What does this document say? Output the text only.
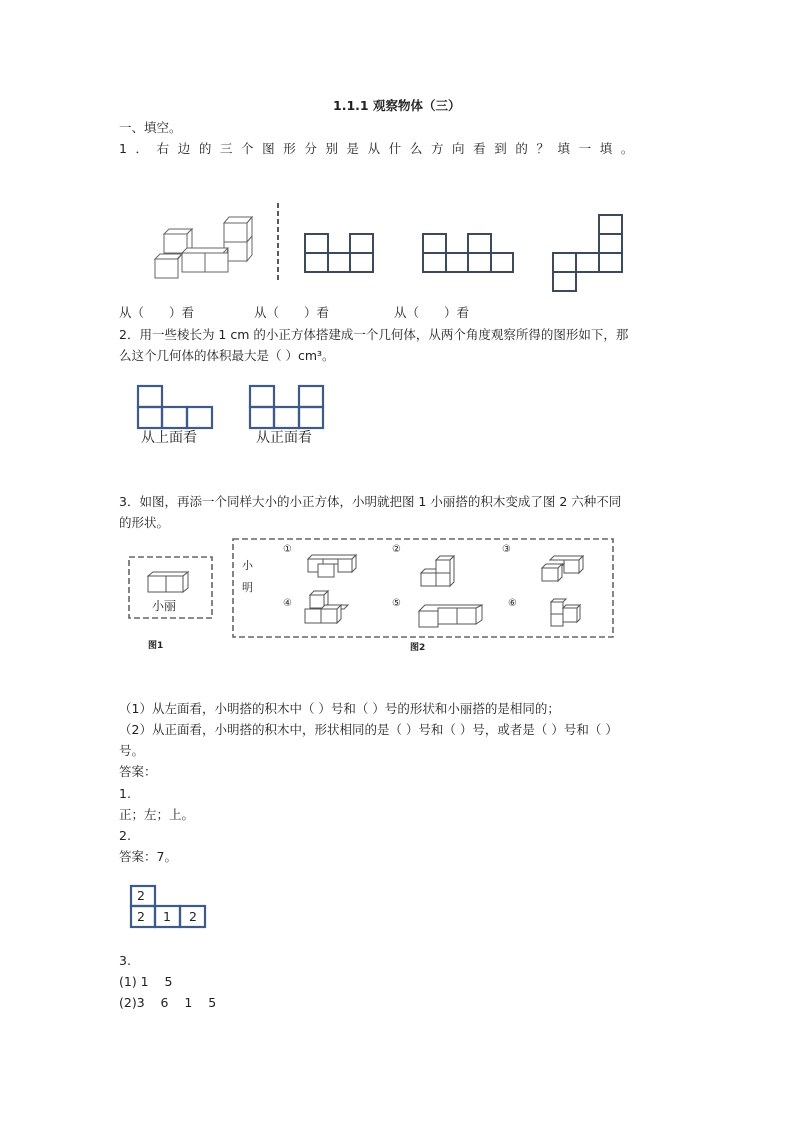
1.1.1 观察物体（三）
一、填空。
1．右边的三个图形分别是从什么方向看到的？填一填。
从（　　）看	从（　　）看	从（　　）看
2．用一些棱长为 1 cm 的小正方体搭建成一个几何体，从两个角度观察所得的图形如下，那
么这个几何体的体积最大是（ ）cm³。
从上面看	从正面看
3．如图，再添一个同样大小的小正方体，小明就把图 1 小丽搭的积木变成了图 2 六种不同
的形状。
小丽
图1
①	②	③
④	⑤	⑥
小
明
图2
（1）从左面看，小明搭的积木中（ ）号和（ ）号的形状和小丽搭的是相同的；
（2）从正面看，小明搭的积木中，形状相同的是（ ）号和（ ）号，或者是（ ）号和（ ）
号。
答案：
1.
正；左；上。
2.
答案：7。
2
2 1 2
3.
(1) 1    5
(2)3    6    1    5
